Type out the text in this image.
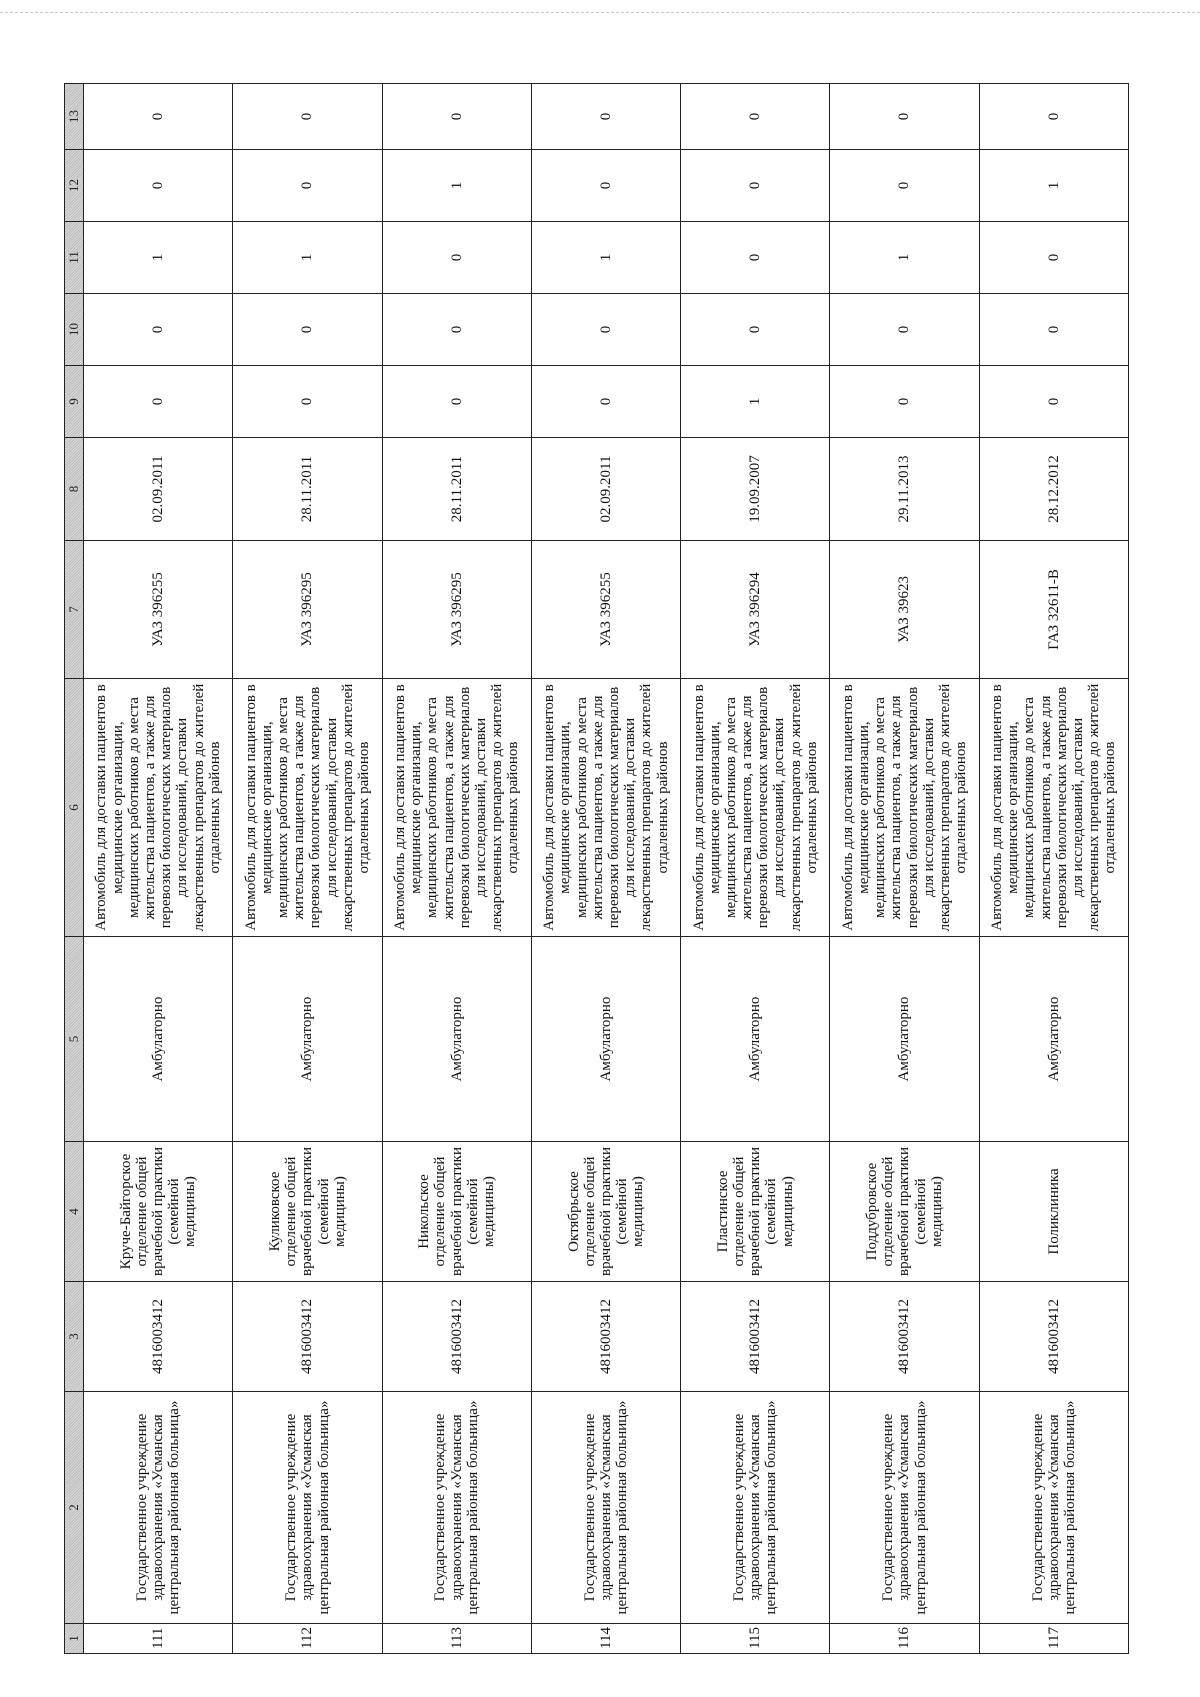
1	2	3	4	5	6	7	8	9	10	11	12	13
111	Государственное учреждение здравоохранения «Усманская центральная районная больница»	4816003412	Круче-Байгорское отделение общей врачебной практики (семейной медицины)	Амбулаторно	Автомобиль для доставки пациентов в медицинские организации, медицинских работников до места жительства пациентов, а также для перевозки биологических материалов для исследований, доставки лекарственных препаратов до жителей отдаленных районов	УАЗ 396255	02.09.2011	0	0	1	0	0
112	Государственное учреждение здравоохранения «Усманская центральная районная больница»	4816003412	Куликовское отделение общей врачебной практики (семейной медицины)	Амбулаторно	Автомобиль для доставки пациентов в медицинские организации, медицинских работников до места жительства пациентов, а также для перевозки биологических материалов для исследований, доставки лекарственных препаратов до жителей отдаленных районов	УАЗ 396295	28.11.2011	0	0	1	0	0
113	Государственное учреждение здравоохранения «Усманская центральная районная больница»	4816003412	Никольское отделение общей врачебной практики (семейной медицины)	Амбулаторно	Автомобиль для доставки пациентов в медицинские организации, медицинских работников до места жительства пациентов, а также для перевозки биологических материалов для исследований, доставки лекарственных препаратов до жителей отдаленных районов	УАЗ 396295	28.11.2011	0	0	0	1	0
114	Государственное учреждение здравоохранения «Усманская центральная районная больница»	4816003412	Октябрьское отделение общей врачебной практики (семейной медицины)	Амбулаторно	Автомобиль для доставки пациентов в медицинские организации, медицинских работников до места жительства пациентов, а также для перевозки биологических материалов для исследований, доставки лекарственных препаратов до жителей отдаленных районов	УАЗ 396255	02.09.2011	0	0	1	0	0
115	Государственное учреждение здравоохранения «Усманская центральная районная больница»	4816003412	Пластинское отделение общей врачебной практики (семейной медицины)	Амбулаторно	Автомобиль для доставки пациентов в медицинские организации, медицинских работников до места жительства пациентов, а также для перевозки биологических материалов для исследований, доставки лекарственных препаратов до жителей отдаленных районов	УАЗ 396294	19.09.2007	1	0	0	0	0
116	Государственное учреждение здравоохранения «Усманская центральная районная больница»	4816003412	Поддубровское отделение общей врачебной практики (семейной медицины)	Амбулаторно	Автомобиль для доставки пациентов в медицинские организации, медицинских работников до места жительства пациентов, а также для перевозки биологических материалов для исследований, доставки лекарственных препаратов до жителей отдаленных районов	УАЗ 39623	29.11.2013	0	0	1	0	0
117	Государственное учреждение здравоохранения «Усманская центральная районная больница»	4816003412	Поликлиника	Амбулаторно	Автомобиль для доставки пациентов в медицинские организации, медицинских работников до места жительства пациентов, а также для перевозки биологических материалов для исследований, доставки лекарственных препаратов до жителей отдаленных районов	ГАЗ 32611-В	28.12.2012	0	0	0	1	0
